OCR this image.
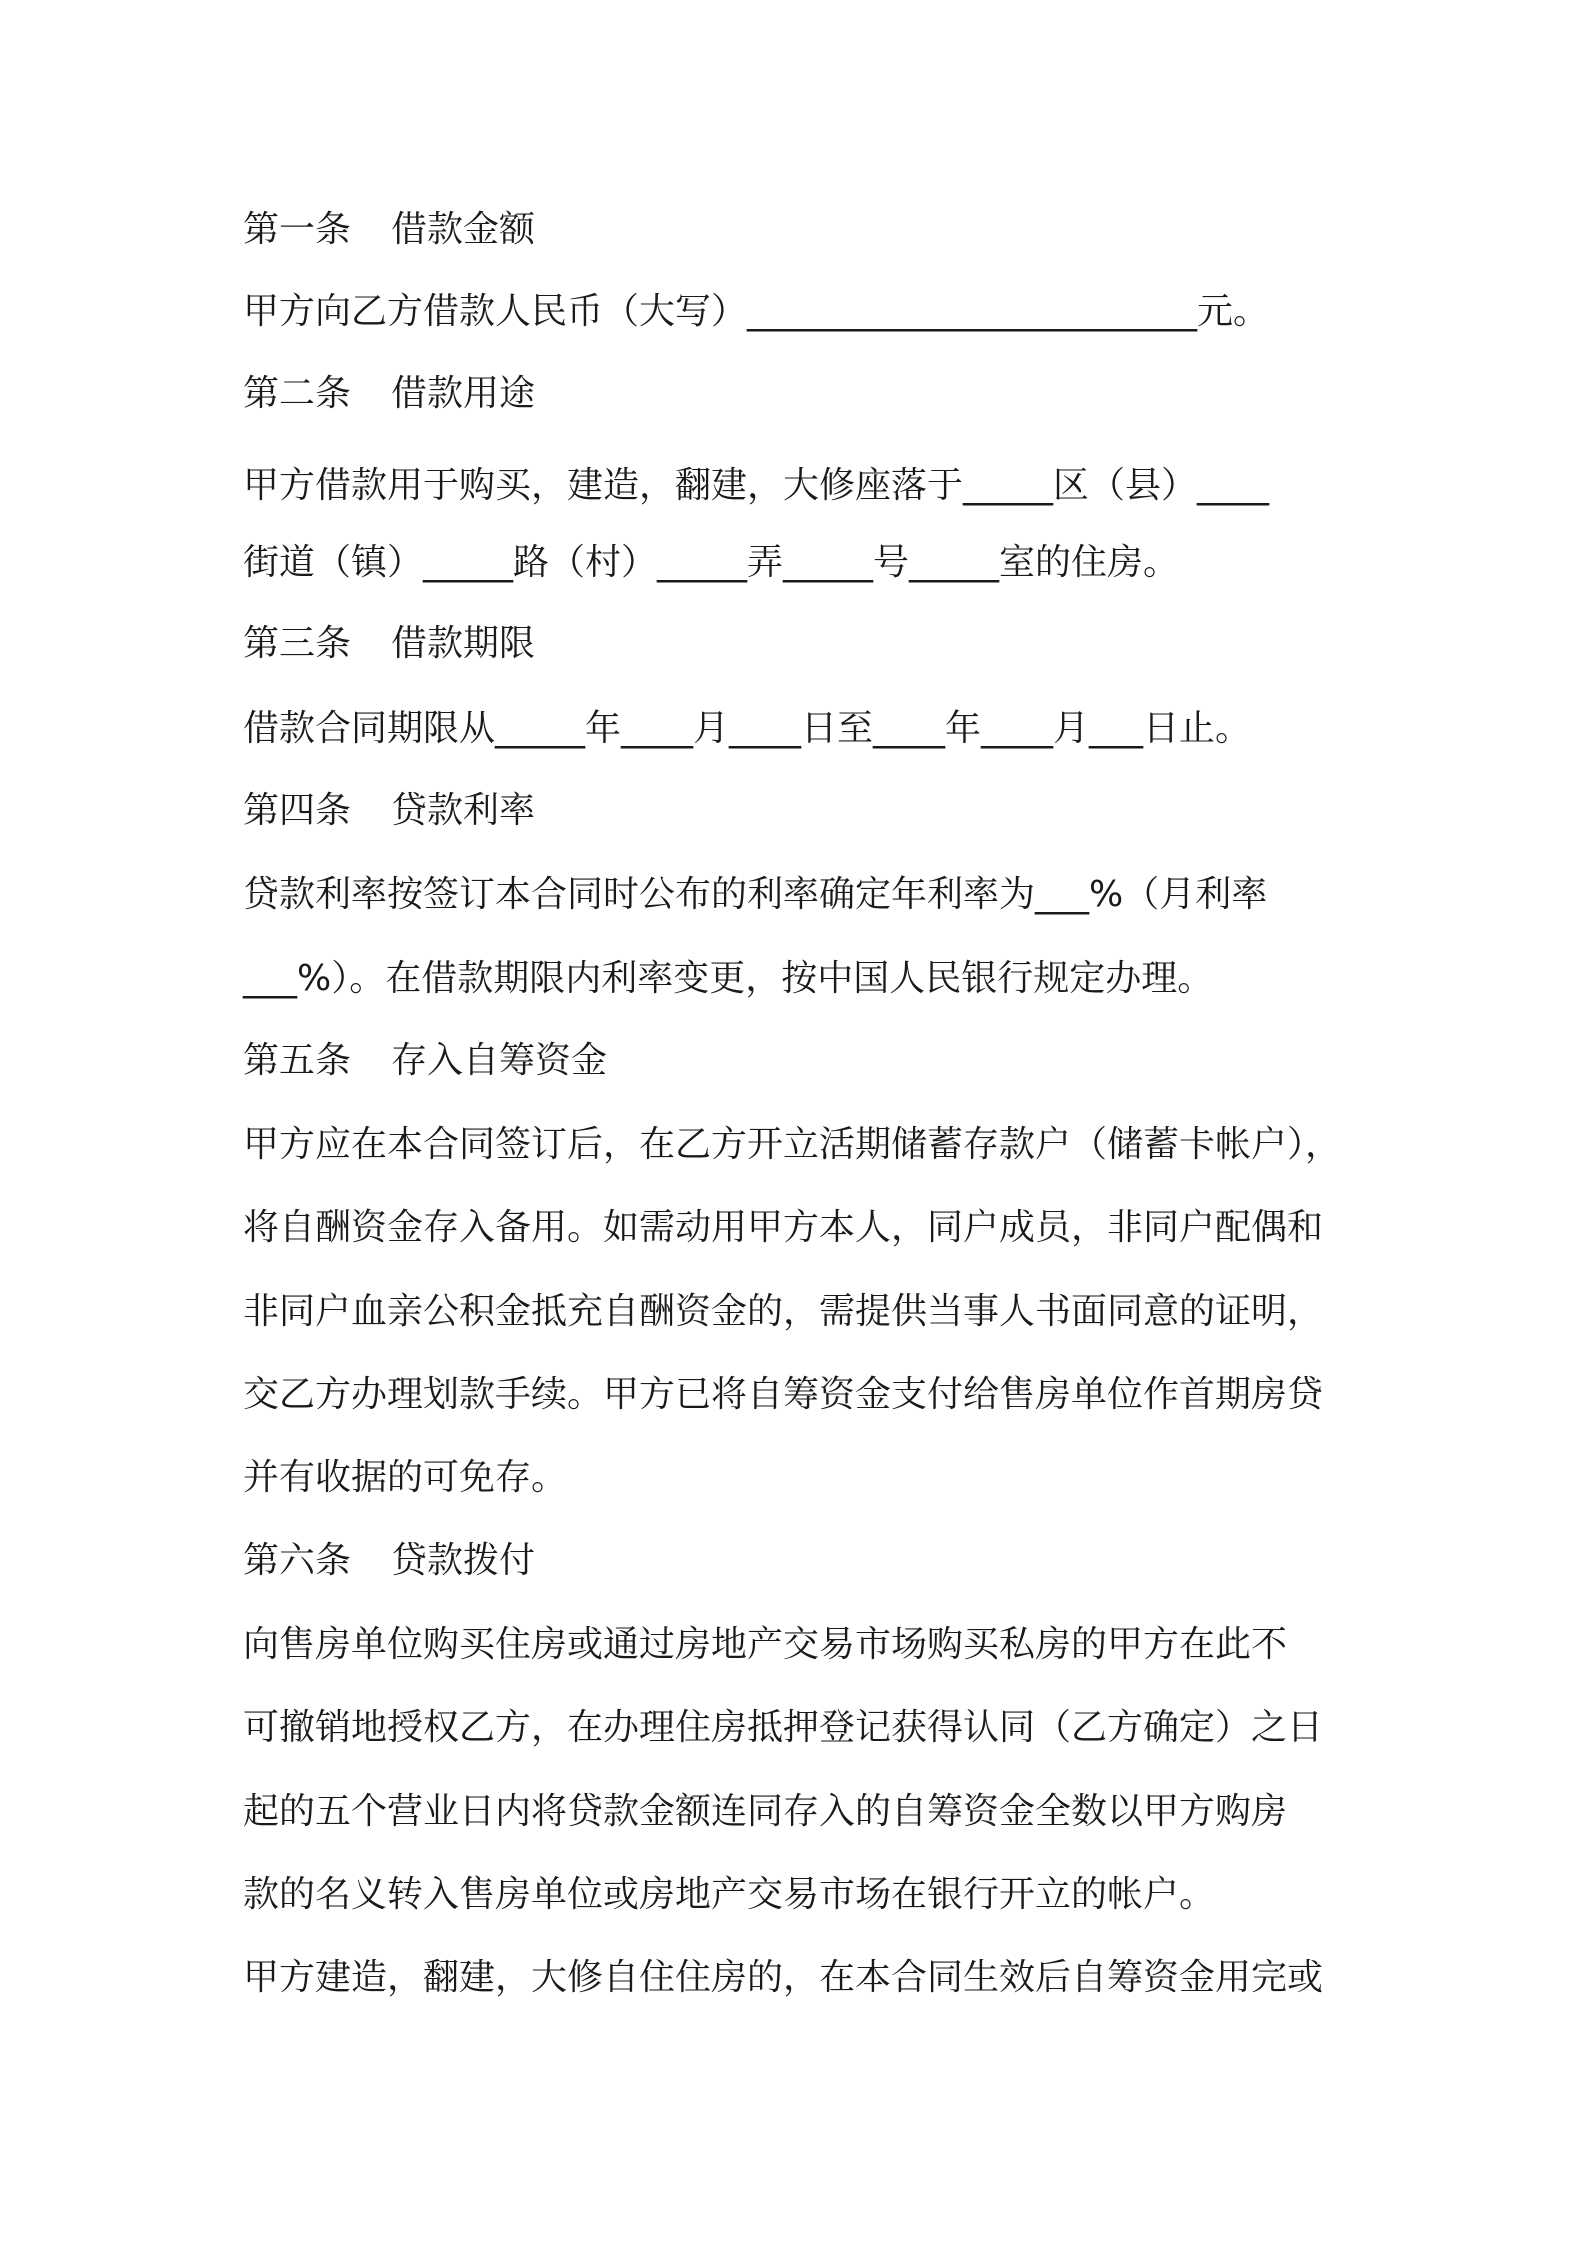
第一条 借款金额
甲方向乙方借款人民币（大写）_________________________元。
第二条 借款用途
甲方借款用于购买，建造，翻建，大修座落于_____区（县）____
街道（镇）_____路（村）_____弄_____号_____室的住房。
第三条 借款期限
借款合同期限从_____年____月____日至____年____月___日止。
第四条 贷款利率
贷款利率按签订本合同时公布的利率确定年利率为___%（月利率
___%）。在借款期限内利率变更，按中国人民银行规定办理。
第五条 存入自筹资金
甲方应在本合同签订后，在乙方开立活期储蓄存款户（储蓄卡帐户），
将自酬资金存入备用。如需动用甲方本人，同户成员，非同户配偶和
非同户血亲公积金抵充自酬资金的，需提供当事人书面同意的证明，
交乙方办理划款手续。甲方已将自筹资金支付给售房单位作首期房贷
并有收据的可免存。
第六条 贷款拨付
向售房单位购买住房或通过房地产交易市场购买私房的甲方在此不
可撤销地授权乙方，在办理住房抵押登记获得认同（乙方确定）之日
起的五个营业日内将贷款金额连同存入的自筹资金全数以甲方购房
款的名义转入售房单位或房地产交易市场在银行开立的帐户。
甲方建造，翻建，大修自住住房的，在本合同生效后自筹资金用完或
